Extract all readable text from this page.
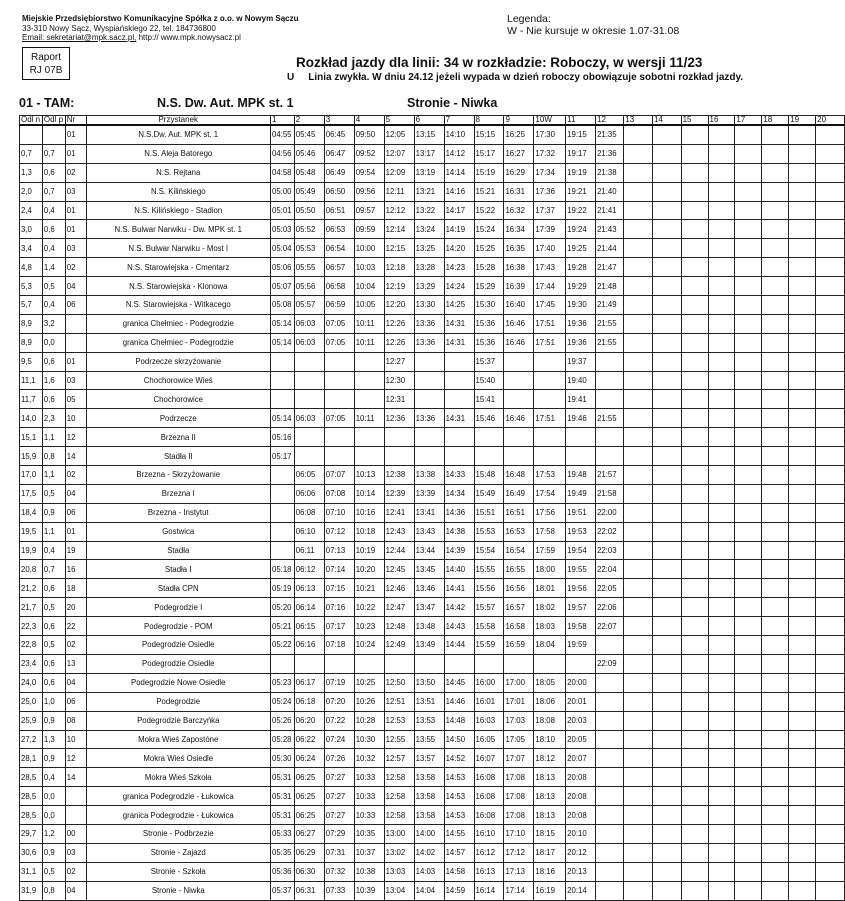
Miejskie Przedsiębiorstwo Komunikacyjne Spółka z o.o. w Nowym Sączu
33-310 Nowy Sącz, Wyspiańskiego 22, tel. 184736800
Email: sekretariat@mpk.sacz.pl, http:// www.mpk.nowysacz.pl
Legenda:
W - Nie kursuje w okresie 1.07-31.08
Raport
RJ 07B
Rozkład jazdy dla linii: 34 w rozkładzie: Roboczy, w wersji 11/23
U Linia zwykła. W dniu 24.12 jeżeli wypada w dzień roboczy obowiązuje sobotni rozkład jazdy.
01 - TAM:	N.S. Dw. Aut. MPK st. 1	Stronie - Niwka
Odl n	Odl p	Nr	Przystanek	1	2	3	4	5	6	7	8	9	10W	11	12	13	14	15	16	17	18	19	20
		01	N.S.Dw. Aut. MPK st. 1	04:55	05:45	06:45	09:50	12:05	13:15	14:10	15:15	16:25	17:30	19:15	21:35								
0,7	0,7	01	N.S. Aleja Batorego	04:56	05:46	06:47	09:52	12:07	13:17	14:12	15:17	16:27	17:32	19:17	21:36								
1,3	0,6	02	N.S. Rejtana	04:58	05:48	06:49	09:54	12:09	13:19	14:14	15:19	16:29	17:34	19:19	21:38								
2,0	0,7	03	N.S. Kilińskiego	05:00	05:49	06:50	09:56	12:11	13:21	14:16	15:21	16:31	17:36	19:21	21:40								
2,4	0,4	01	N.S. Kilińskiego - Stadion	05:01	05:50	06:51	09:57	12:12	13:22	14:17	15:22	16:32	17:37	19:22	21:41								
3,0	0,6	01	N.S. Bulwar Narwiku - Dw. MPK st. 1	05:03	05:52	06:53	09:59	12:14	13:24	14:19	15:24	16:34	17:39	19:24	21:43								
3,4	0,4	03	N.S. Bulwar Narwiku - Most I	05:04	05:53	06:54	10:00	12:15	13:25	14:20	15:25	16:35	17:40	19:25	21:44								
4,8	1,4	02	N.S. Starowiejska - Cmentarz	05:06	05:55	06:57	10:03	12:18	13:28	14:23	15:28	16:38	17:43	19:28	21:47								
5,3	0,5	04	N.S. Starowiejska - Klonowa	05:07	05:56	06:58	10:04	12:19	13:29	14:24	15:29	16:39	17:44	19:29	21:48								
5,7	0,4	06	N.S. Starowiejska - Witkacego	05:08	05:57	06:59	10:05	12:20	13:30	14:25	15:30	16:40	17:45	19:30	21:49								
8,9	3,2		granica Chełmiec - Podegrodzie	05:14	06:03	07:05	10:11	12:26	13:36	14:31	15:36	16:46	17:51	19:36	21:55								
8,9	0,0		granica Chełmiec - Podegrodzie	05:14	06:03	07:05	10:11	12:26	13:36	14:31	15:36	16:46	17:51	19:36	21:55								
9,5	0,6	01	Podrzecze skrzyżowanie					12:27			15:37			19:37									
11,1	1,6	03	Chochorowice Wieś					12:30			15:40			19:40									
11,7	0,6	05	Chochorowice					12:31			15:41			19:41									
14,0	2,3	10	Podrzecze	05:14	06:03	07:05	10:11	12:36	13:36	14:31	15:46	16:46	17:51	19:46	21:55								
15,1	1,1	12	Brzezna II	05:16																			
15,9	0,8	14	Stadła II	05:17																			
17,0	1,1	02	Brzezna - Skrzyżowanie		06:05	07:07	10:13	12:38	13:38	14:33	15:48	16:48	17:53	19:48	21:57								
17,5	0,5	04	Brzezna I		06:06	07:08	10:14	12:39	13:39	14:34	15:49	16:49	17:54	19:49	21:58								
18,4	0,9	06	Brzezna - Instytut		06:08	07:10	10:16	12:41	13:41	14:36	15:51	16:51	17:56	19:51	22:00								
19,5	1,1	01	Gostwica		06:10	07:12	10:18	12:43	13:43	14:38	15:53	16:53	17:58	19:53	22:02								
19,9	0,4	19	Stadła		06:11	07:13	10:19	12:44	13:44	14:39	15:54	16:54	17:59	19:54	22:03								
20,8	0,7	16	Stadła I	05:18	06:12	07:14	10:20	12:45	13:45	14:40	15:55	16:55	18:00	19:55	22:04								
21,2	0,6	18	Stadła CPN	05:19	06:13	07:15	10:21	12:46	13:46	14:41	15:56	16:56	18:01	19:56	22:05								
21,7	0,5	20	Podegrodzie I	05:20	06:14	07:16	10:22	12:47	13:47	14:42	15:57	16:57	18:02	19:57	22:06								
22,3	0,6	22	Podegrodzie - POM	05:21	06:15	07:17	10:23	12:48	13:48	14:43	15:58	16:58	18:03	19:58	22:07								
22,8	0,5	02	Podegrodzie Osiedle	05:22	06:16	07:18	10:24	12:49	13:49	14:44	15:59	16:59	18:04	19:59									
23,4	0,6	13	Podegrodzie Osiedle												22:09								
24,0	0,6	04	Podegrodzie Nowe Osiedle	05:23	06:17	07:19	10:25	12:50	13:50	14:45	16:00	17:00	18:05	20:00									
25,0	1,0	06	Podegrodzie	05:24	06:18	07:20	10:26	12:51	13:51	14:46	16:01	17:01	18:06	20:01									
25,9	0,9	08	Podegrodzie Barczyńka	05:26	06:20	07:22	10:28	12:53	13:53	14:48	16:03	17:03	18:08	20:03									
27,2	1,3	10	Mokra Wieś Zapostóne	05:28	06:22	07:24	10:30	12:55	13:55	14:50	16:05	17:05	18:10	20:05									
28,1	0,9	12	Mokra Wieś Osiedle	05:30	06:24	07:26	10:32	12:57	13:57	14:52	16:07	17:07	18:12	20:07									
28,5	0,4	14	Mokra Wieś Szkoła	05:31	06:25	07:27	10:33	12:58	13:58	14:53	16:08	17:08	18:13	20:08									
28,5	0,0		granica Podegrodzie - Łukowica	05:31	06:25	07:27	10:33	12:58	13:58	14:53	16:08	17:08	18:13	20:08									
28,5	0,0		granica Podegrodzie - Łukowica	05:31	06:25	07:27	10:33	12:58	13:58	14:53	16:08	17:08	18:13	20:08									
29,7	1,2	00	Stronie - Podbrzezie	05:33	06:27	07:29	10:35	13:00	14:00	14:55	16:10	17:10	18:15	20:10									
30,6	0,9	03	Stronie - Zajazd	05:35	06:29	07:31	10:37	13:02	14:02	14:57	16:12	17:12	18:17	20:12									
31,1	0,5	02	Stronie - Szkoła	05:36	06:30	07:32	10:38	13:03	14:03	14:58	16:13	17:13	18:16	20:13									
31,9	0,8	04	Stronie - Niwka	05:37	06:31	07:33	10:39	13:04	14:04	14:59	16:14	17:14	16:19	20:14									
